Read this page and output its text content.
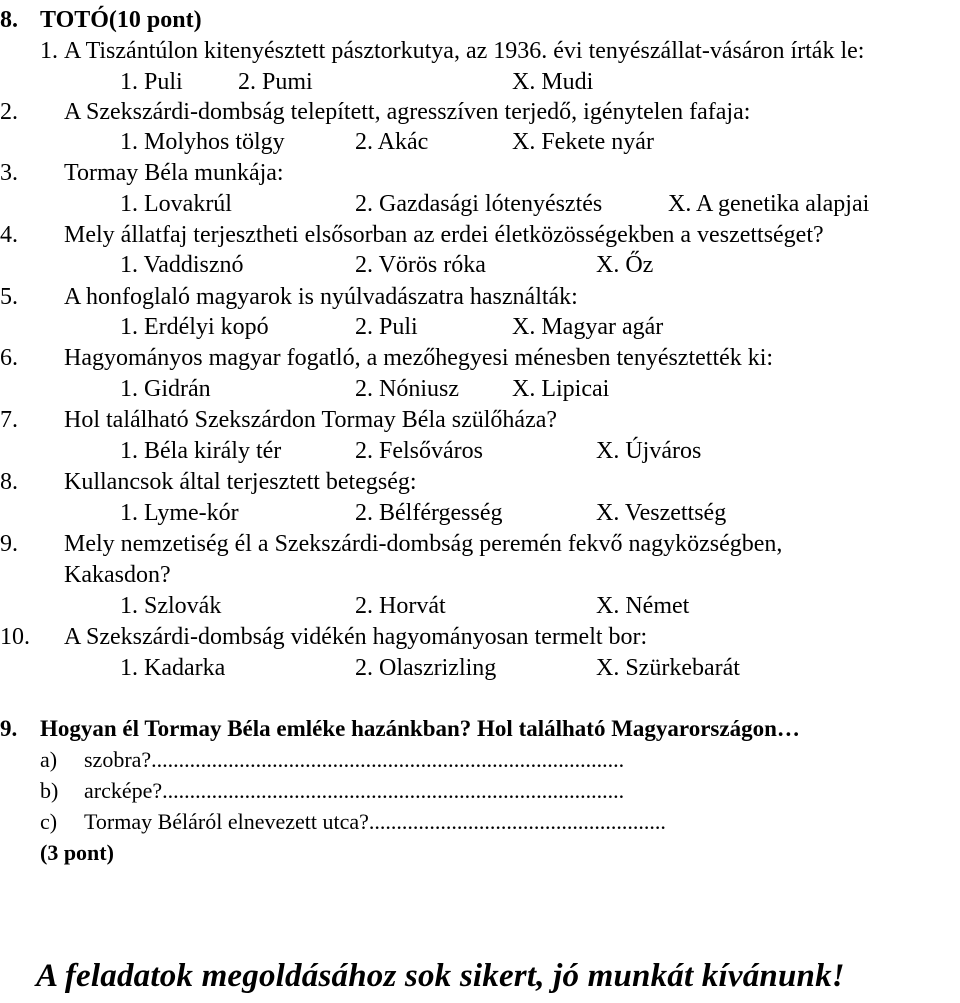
8. TOTÓ(10 pont)
1. A Tiszántúlon kitenyésztett pásztorkutya, az 1936. évi tenyészállat-vásáron írták le:
1. Puli 2. Pumi	X. Mudi
2. A Szekszárdi-dombság telepített, agresszíven terjedő, igénytelen fafaja:
1. Molyhos tölgy	2. Akác	X. Fekete nyár
3. Tormay Béla munkája:
1. Lovakrúl	2. Gazdasági lótenyésztés	X. A genetika alapjai
4. Mely állatfaj terjesztheti elsősorban az erdei életközösségekben a veszettséget?
1. Vaddisznó	2. Vörös róka	X. Őz
5. A honfoglaló magyarok is nyúlvadászatra használták:
1. Erdélyi kopó	2. Puli	X. Magyar agár
6. Hagyományos magyar fogatló, a mezőhegyesi ménesben tenyésztették ki:
1. Gidrán	2. Nóniusz X. Lipicai
7. Hol található Szekszárdon Tormay Béla szülőháza?
1. Béla király tér	2. Felsőváros	X. Újváros
8. Kullancsok által terjesztett betegség:
1. Lyme-kór	2. Bélférgesség	X. Veszettség
9. Mely nemzetiség él a Szekszárdi-dombság peremén fekvő nagyközségben,
Kakasdon?
1. Szlovák	2. Horvát	X. Német
10. A Szekszárdi-dombság vidékén hagyományosan termelt bor:
1. Kadarka	2. Olaszrizling	X. Szürkebarát
9. Hogyan él Tormay Béla emléke hazánkban? Hol található Magyarországon…
a) szobra?......................................................................................
b) arcképe?....................................................................................
c) Tormay Béláról elnevezett utca?......................................................
(3 pont)
A feladatok megoldásához sok sikert, jó munkát kívánunk!
